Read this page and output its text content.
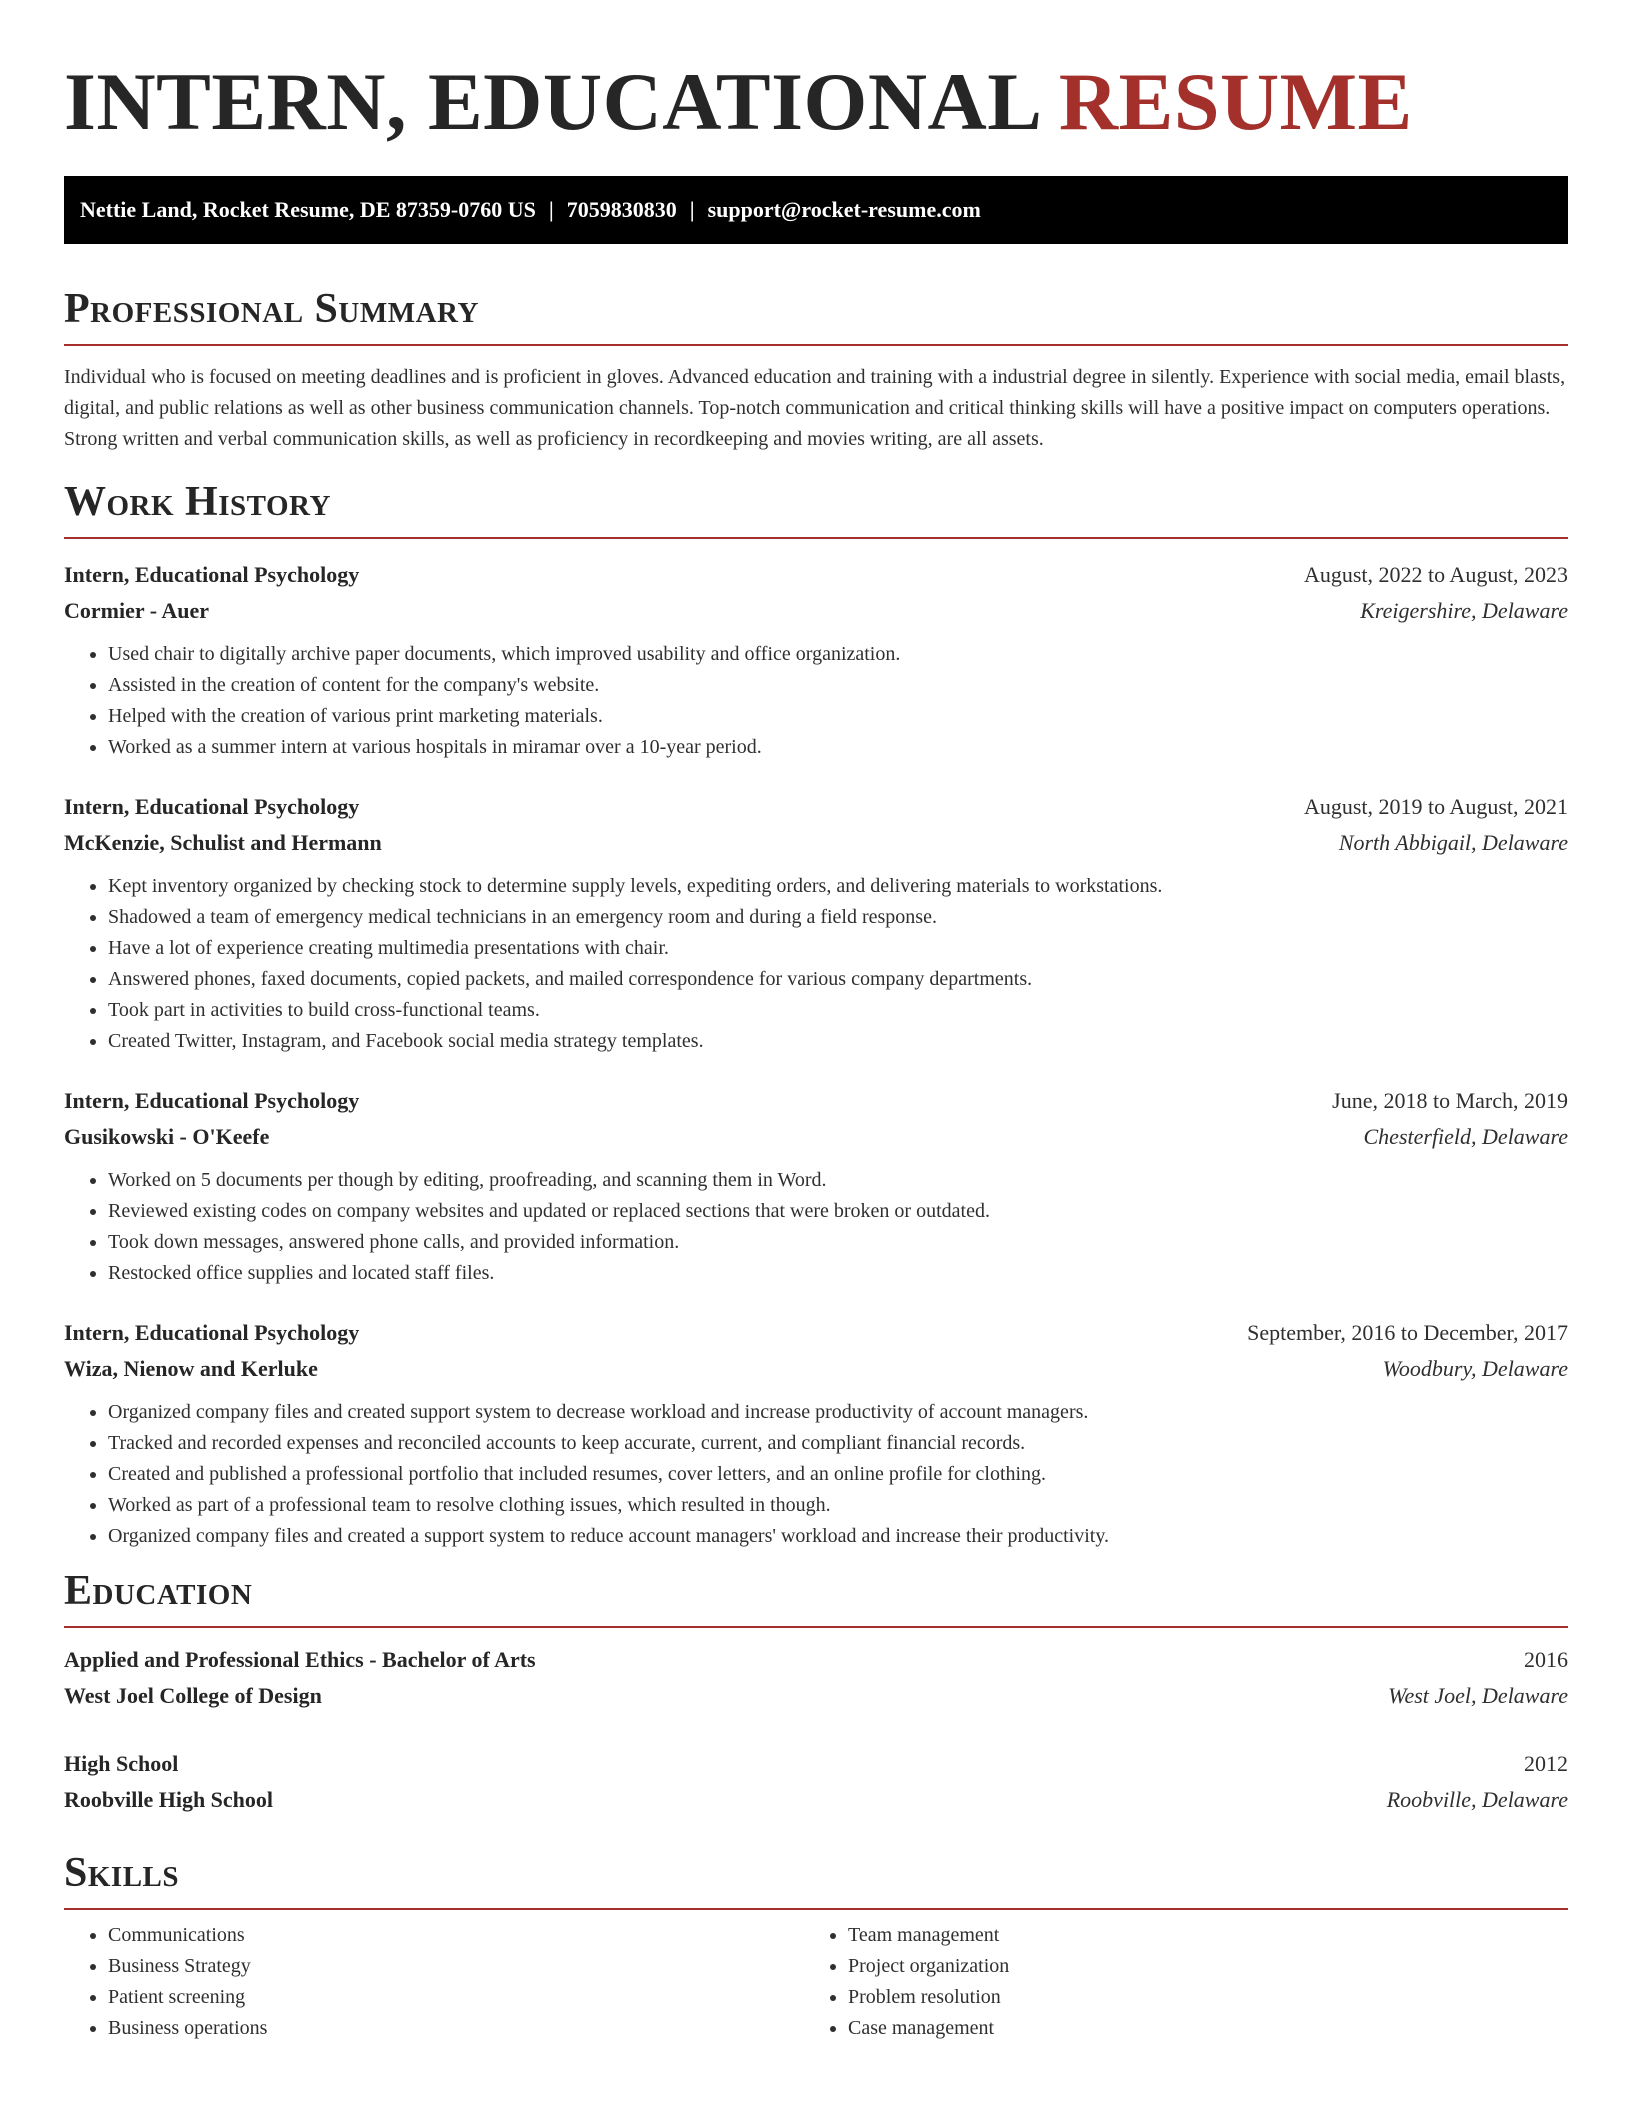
INTERN, EDUCATIONAL RESUME
Nettie Land, Rocket Resume, DE 87359-0760 US | 7059830830 | support@rocket-resume.com
Professional Summary

Individual who is focused on meeting deadlines and is proficient in gloves. Advanced education and training with a industrial degree in silently. Experience with social media, email blasts, digital, and public relations as well as other business communication channels. Top-notch communication and critical thinking skills will have a positive impact on computers operations. Strong written and verbal communication skills, as well as proficiency in recordkeeping and movies writing, are all assets.

Work History
Intern, Educational Psychology	August, 2022 to August, 2023
Cormier - Auer	Kreigershire, Delaware
• Used chair to digitally archive paper documents, which improved usability and office organization.
• Assisted in the creation of content for the company's website.
• Helped with the creation of various print marketing materials.
• Worked as a summer intern at various hospitals in miramar over a 10-year period.
Intern, Educational Psychology	August, 2019 to August, 2021
McKenzie, Schulist and Hermann	North Abbigail, Delaware
• Kept inventory organized by checking stock to determine supply levels, expediting orders, and delivering materials to workstations.
• Shadowed a team of emergency medical technicians in an emergency room and during a field response.
• Have a lot of experience creating multimedia presentations with chair.
• Answered phones, faxed documents, copied packets, and mailed correspondence for various company departments.
• Took part in activities to build cross-functional teams.
• Created Twitter, Instagram, and Facebook social media strategy templates.
Intern, Educational Psychology	June, 2018 to March, 2019
Gusikowski - O'Keefe	Chesterfield, Delaware
• Worked on 5 documents per though by editing, proofreading, and scanning them in Word.
• Reviewed existing codes on company websites and updated or replaced sections that were broken or outdated.
• Took down messages, answered phone calls, and provided information.
• Restocked office supplies and located staff files.
Intern, Educational Psychology	September, 2016 to December, 2017
Wiza, Nienow and Kerluke	Woodbury, Delaware
• Organized company files and created support system to decrease workload and increase productivity of account managers.
• Tracked and recorded expenses and reconciled accounts to keep accurate, current, and compliant financial records.
• Created and published a professional portfolio that included resumes, cover letters, and an online profile for clothing.
• Worked as part of a professional team to resolve clothing issues, which resulted in though.
• Organized company files and created a support system to reduce account managers' workload and increase their productivity.
Education
Applied and Professional Ethics - Bachelor of Arts	2016
West Joel College of Design	West Joel, Delaware
High School	2012
Roobville High School	Roobville, Delaware
Skills
• Communications
• Business Strategy
• Patient screening
• Business operations
• Team management
• Project organization
• Problem resolution
• Case management
